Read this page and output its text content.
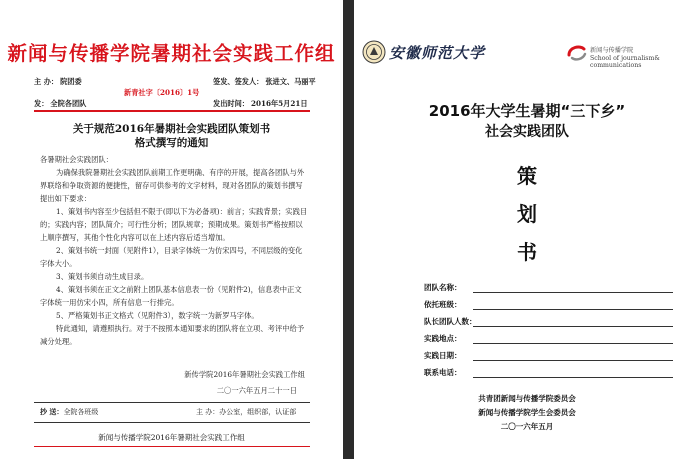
新闻与传播学院暑期社会实践工作组
主 办： 院团委
新青社字〔2016〕1号
签发、签发人： 张进文、马丽平
发： 全院各团队	发出时间： 2016年5月21日
关于规范2016年暑期社会实践团队策划书
格式撰写的通知

各暑期社会实践团队：

为确保我院暑期社会实践团队前期工作更明确、有序的开展，提高各团队与外界联络和争取资源的便捷性，留存可供参考的文字材料，现对各团队的策划书撰写提出如下要求：

1、策划书内容至少包括但不限于(即以下为必备项)：前言；实践背景；实践目的；实践内容；团队简介；可行性分析；团队规章；预期成果。策划书严格按照以上顺序撰写，其他个性化内容可以在上述内容后适当增加。

2、策划书统一封面（见附件1），目录字体统一为仿宋四号，不同层级的变化字体大小。

3、策划书须自动生成目录。

4、策划书须在正文之前附上团队基本信息表一份（见附件2)，信息表中正文字体统一用仿宋小四，所有信息一行排完。

5、严格策划书正文格式（见附件3），数字统一为新罗马字体。

特此通知，请遵照执行。对于不按照本通知要求的团队将在立项、考评中给予减分处理。

新传学院2016年暑期社会实践工作组
二〇一六年五月二十一日
抄 送：全院各班级	主 办：办公室，组织部，认证部
新闻与传播学院2016年暑期社会实践工作组
安徽师范大学	新闻与传播学院
School of journalism&
communications
2016年大学生暑期“三下乡”
社会实践团队
策
划
书
团队名称：
依托班级：
队长团队人数：
实践地点：
实践日期：
联系电话：
共青团新闻与传播学院委员会
新闻与传播学院学生会委员会
二〇一六年五月
